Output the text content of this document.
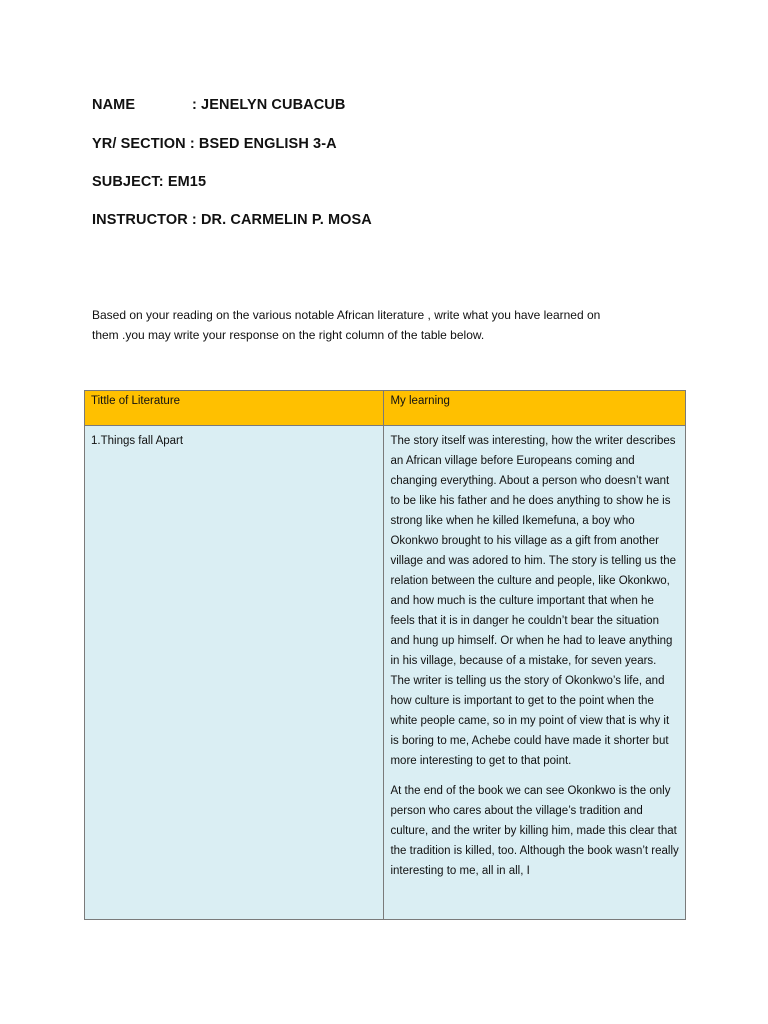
NAME	: JENELYN CUBACUB
YR/ SECTION : BSED ENGLISH 3-A
SUBJECT: EM15
INSTRUCTOR : DR. CARMELIN P. MOSA
Based on your reading on the various notable African literature , write what you have learned on
them .you may write your response on the right column of the table below.
Tittle of Literature	My learning
1.Things fall Apart	The story itself was interesting, how the writer describes an African village before Europeans coming and changing everything. About a person who doesn’t want to be like his father and he does anything to show he is strong like when he killed Ikemefuna, a boy who Okonkwo brought to his village as a gift from another village and was adored to him. The story is telling us the relation between the culture and people, like Okonkwo, and how much is the culture important that when he feels that it is in danger he couldn’t bear the situation and hung up himself. Or when he had to leave anything in his village, because of a mistake, for seven years. The writer is telling us the story of Okonkwo’s life, and how culture is important to get to the point when the white people came, so in my point of view that is why it is boring to me, Achebe could have made it shorter but more interesting to get to that point.

At the end of the book we can see Okonkwo is the only person who cares about the village’s tradition and culture, and the writer by killing him, made this clear that the tradition is killed, too. Although the book wasn’t really interesting to me, all in all, I
